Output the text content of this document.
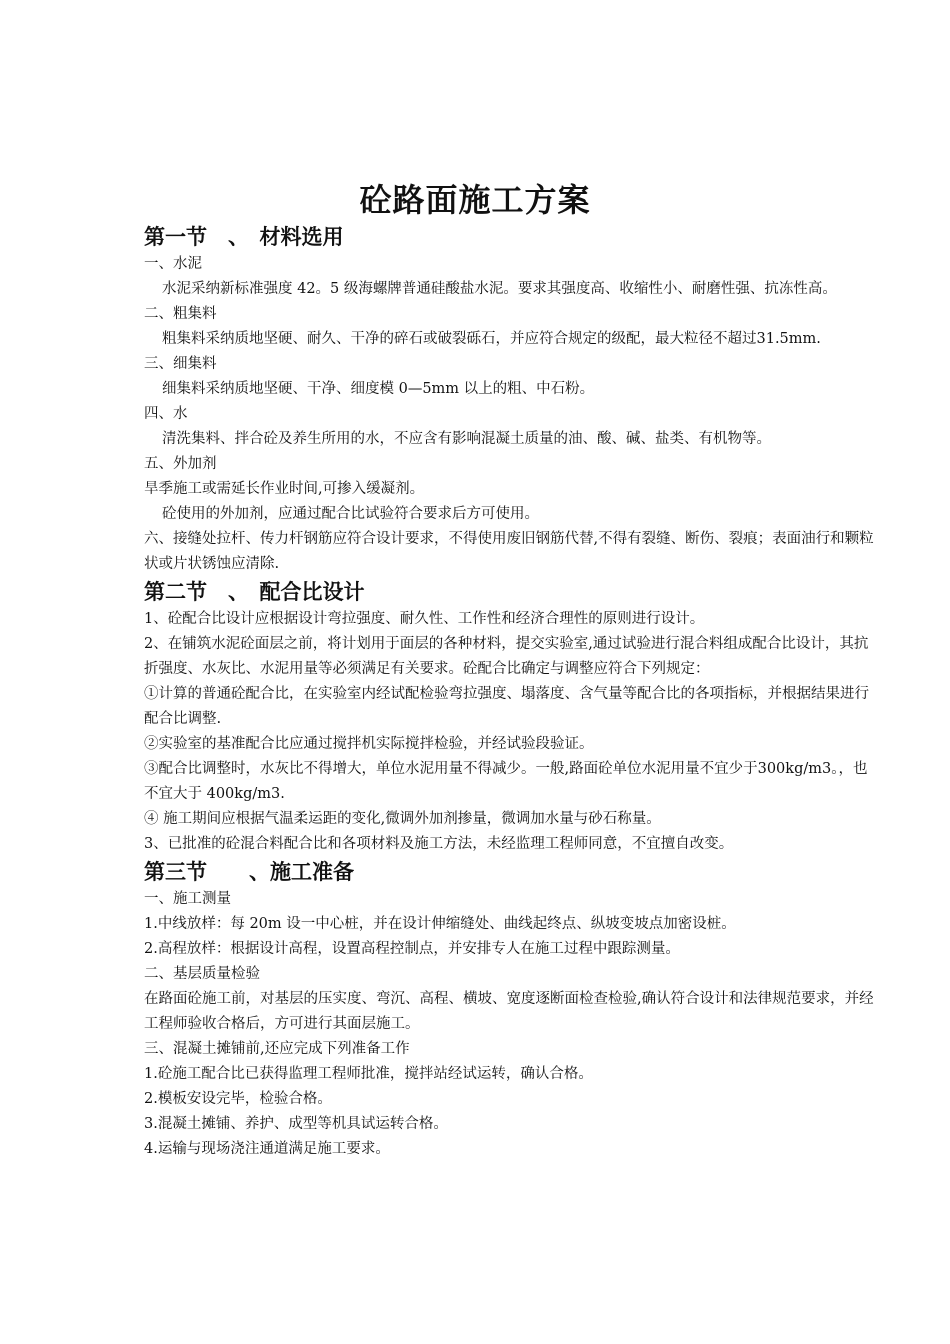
砼路面施工方案

第一节　、　材料选用

一、水泥

水泥采纳新标准强度 42。5 级海螺牌普通硅酸盐水泥。要求其强度高、收缩性小、耐磨性强、抗冻性高。

二、粗集料

粗集料采纳质地坚硬、耐久、干净的碎石或破裂砾石，并应符合规定的级配，最大粒径不超过31.5mm.

三、细集料

细集料采纳质地坚硬、干净、细度模 0—5mm 以上的粗、中石粉。

四、水

清洗集料、拌合砼及养生所用的水，不应含有影响混凝土质量的油、酸、碱、盐类、有机物等。

五、外加剂

旱季施工或需延长作业时间,可掺入缓凝剂。

砼使用的外加剂，应通过配合比试验符合要求后方可使用。

六、接缝处拉杆、传力杆钢筋应符合设计要求，不得使用废旧钢筋代替,不得有裂缝、断伤、裂痕；表面油行和颗粒状或片状锈蚀应清除.

第二节　、　配合比设计

1、砼配合比设计应根据设计弯拉强度、耐久性、工作性和经济合理性的原则进行设计。

2、在铺筑水泥砼面层之前，将计划用于面层的各种材料，提交实验室,通过试验进行混合料组成配合比设计，其抗折强度、水灰比、水泥用量等必须满足有关要求。砼配合比确定与调整应符合下列规定：

①计算的普通砼配合比，在实验室内经试配检验弯拉强度、塌落度、含气量等配合比的各项指标，并根据结果进行配合比调整.

②实验室的基准配合比应通过搅拌机实际搅拌检验，并经试验段验证。

③配合比调整时，水灰比不得增大，单位水泥用量不得减少。一般,路面砼单位水泥用量不宜少于300kg/m3。，也不宜大于 400kg/m3.

④ 施工期间应根据气温柔运距的变化,微调外加剂掺量，微调加水量与砂石称量。

3、已批准的砼混合料配合比和各项材料及施工方法，未经监理工程师同意，不宜擅自改变。

第三节　　、施工准备

一、施工测量

1.中线放样：每 20m 设一中心桩，并在设计伸缩缝处、曲线起终点、纵坡变坡点加密设桩。

2.高程放样：根据设计高程，设置高程控制点，并安排专人在施工过程中跟踪测量。

二、基层质量检验

在路面砼施工前，对基层的压实度、弯沉、高程、横坡、宽度逐断面检查检验,确认符合设计和法律规范要求，并经工程师验收合格后，方可进行其面层施工。

三、混凝土摊铺前,还应完成下列准备工作

1.砼施工配合比已获得监理工程师批准，搅拌站经试运转，确认合格。

2.模板安设完毕，检验合格。

3.混凝土摊铺、养护、成型等机具试运转合格。

4.运输与现场浇注通道满足施工要求。
